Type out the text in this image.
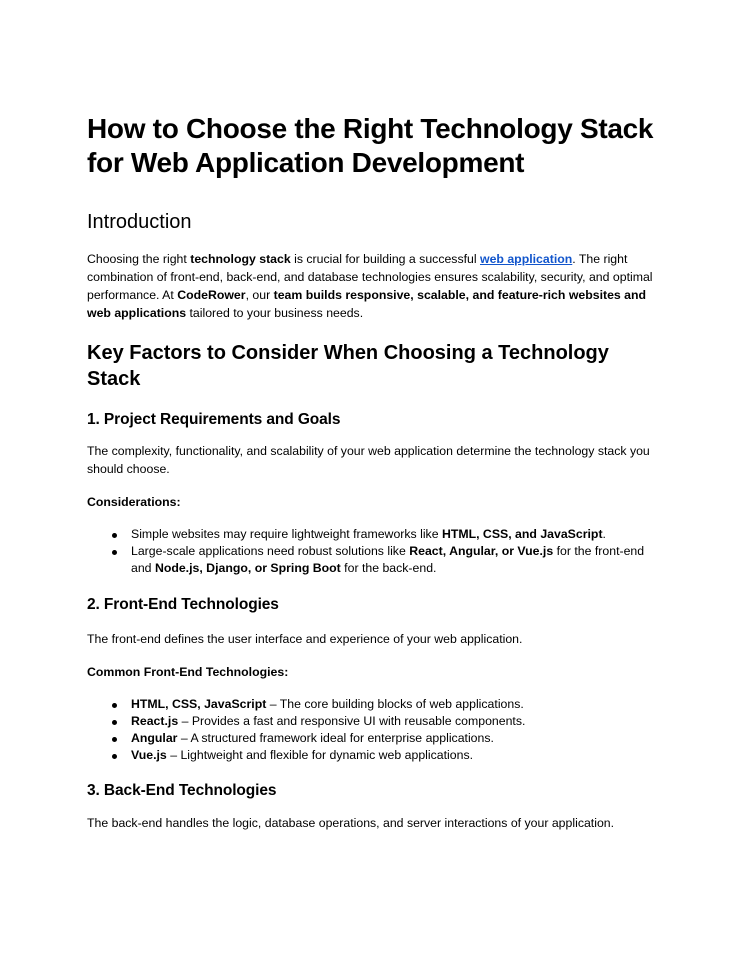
How to Choose the Right Technology Stack for Web Application Development
Introduction

Choosing the right technology stack is crucial for building a successful web application. The right combination of front-end, back-end, and database technologies ensures scalability, security, and optimal performance. At CodeRower, our team builds responsive, scalable, and feature-rich websites and web applications tailored to your business needs.

Key Factors to Consider When Choosing a Technology Stack
1. Project Requirements and Goals

The complexity, functionality, and scalability of your web application determine the technology stack you should choose.

Considerations:

Simple websites may require lightweight frameworks like HTML, CSS, and JavaScript.
Large-scale applications need robust solutions like React, Angular, or Vue.js for the front-end and Node.js, Django, or Spring Boot for the back-end.
2. Front-End Technologies

The front-end defines the user interface and experience of your web application.

Common Front-End Technologies:

HTML, CSS, JavaScript – The core building blocks of web applications.
React.js – Provides a fast and responsive UI with reusable components.
Angular – A structured framework ideal for enterprise applications.
Vue.js – Lightweight and flexible for dynamic web applications.
3. Back-End Technologies

The back-end handles the logic, database operations, and server interactions of your application.
